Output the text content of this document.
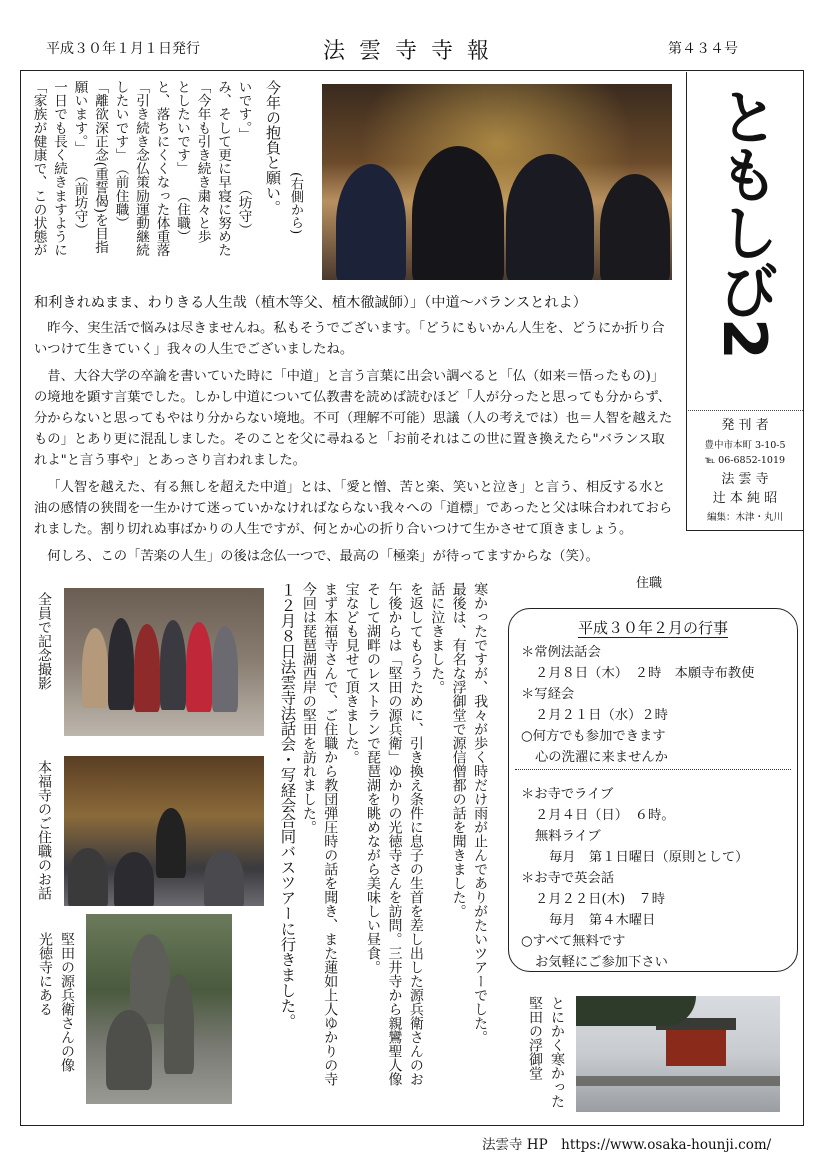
平成３０年１月１日発行	法雲寺寺報	第４３４号
ともしび2
発 刊 者
豊中市本町 3-10-5
℡ 06-6852-1019
法 雲 寺
辻 本 純 昭
編集：木津・丸川
いです。」　　　　（坊守）
み、そして更に早寝に努めた
「今年も引き続き粛々と歩
としたいです」　　（住職）
と、落ちにくくなった体重落
「引き続き念仏策励運動継続
したいです」　（前住職）
「離欲深正念(重誓偈)を目指
願います。」　　（前坊守）
一日でも長く続きますように
「家族が健康で、この状態が	(右側から)
今年の抱負と願い。
和利きれぬまま、わりきる人生哉（植木等父、植木徹誠師）」（中道～バランスとれよ）

昨今、実生活で悩みは尽きませんね。私もそうでございます。「どうにもいかん人生を、どうにか折り合いつけて生きていく」我々の人生でございましたね。

昔、大谷大学の卒論を書いていた時に「中道」と言う言葉に出会い調べると「仏（如来＝悟ったもの)」の境地を顕す言葉でした。しかし中道について仏教書を読めば読むほど「人が分ったと思っても分からず、分からないと思ってもやはり分からない境地。不可（理解不可能）思議（人の考えでは）也＝人智を越えたもの」とあり更に混乱しました。そのことを父に尋ねると「お前それはこの世に置き換えたら"バランス取れよ"と言う事や」とあっさり言われました。

「人智を越えた、有る無しを超えた中道」とは、「愛と憎、苦と楽、笑いと泣き」と言う、相反する水と油の感情の狭間を一生かけて迷っていかなければならない我々への「道標」であったと父は味合われておられました。割り切れぬ事ばかりの人生ですが、何とか心の折り合いつけて生かさせて頂きましょう。

何しろ、この「苦楽の人生」の後は念仏一つで、最高の「極楽」が待ってますからな（笑）。

住職
全員で記念撮影
本福寺のご住職のお話
堅田の源兵衛さんの像
光徳寺にある	寒かったですが、我々が歩く時だけ雨が止んでありがたいツアーでした。
最後は、有名な浮御堂で源信僧都の話を聞きました。
話に泣きました。
を返してもらうために、引き換え条件に息子の生首を差し出した源兵衛さんのお
午後からは「堅田の源兵衛」ゆかりの光徳寺さんを訪問。三井寺から親鸞聖人像
そして湖畔のレストランで琵琶湖を眺めながら美味しい昼食。
宝なども見せて頂きました。
まず本福寺さんで、ご住職から教団弾圧時の話を聞き、また蓮如上人ゆかりの寺
今回は琵琶湖西岸の堅田を訪れました。
１２月８日法雲寺法話会・写経会合同バスツアーに行きました。	平成３０年２月の行事
＊常例法話会
２月８日（木）　２時　本願寺布教使
＊写経会
２月２１日（水）２時
○何方でも参加できます
心の洗濯に来ませんか
＊お寺でライブ
２月４日（日）　６時。
無料ライブ
毎月　第１日曜日（原則として）
＊お寺で英会話
２月２２日(木)　７時
毎月　第４木曜日
○すべて無料です
お気軽にご参加下さい
とにかく寒かった
堅田の浮御堂
法雲寺 HP　https://www.osaka-hounji.com/
